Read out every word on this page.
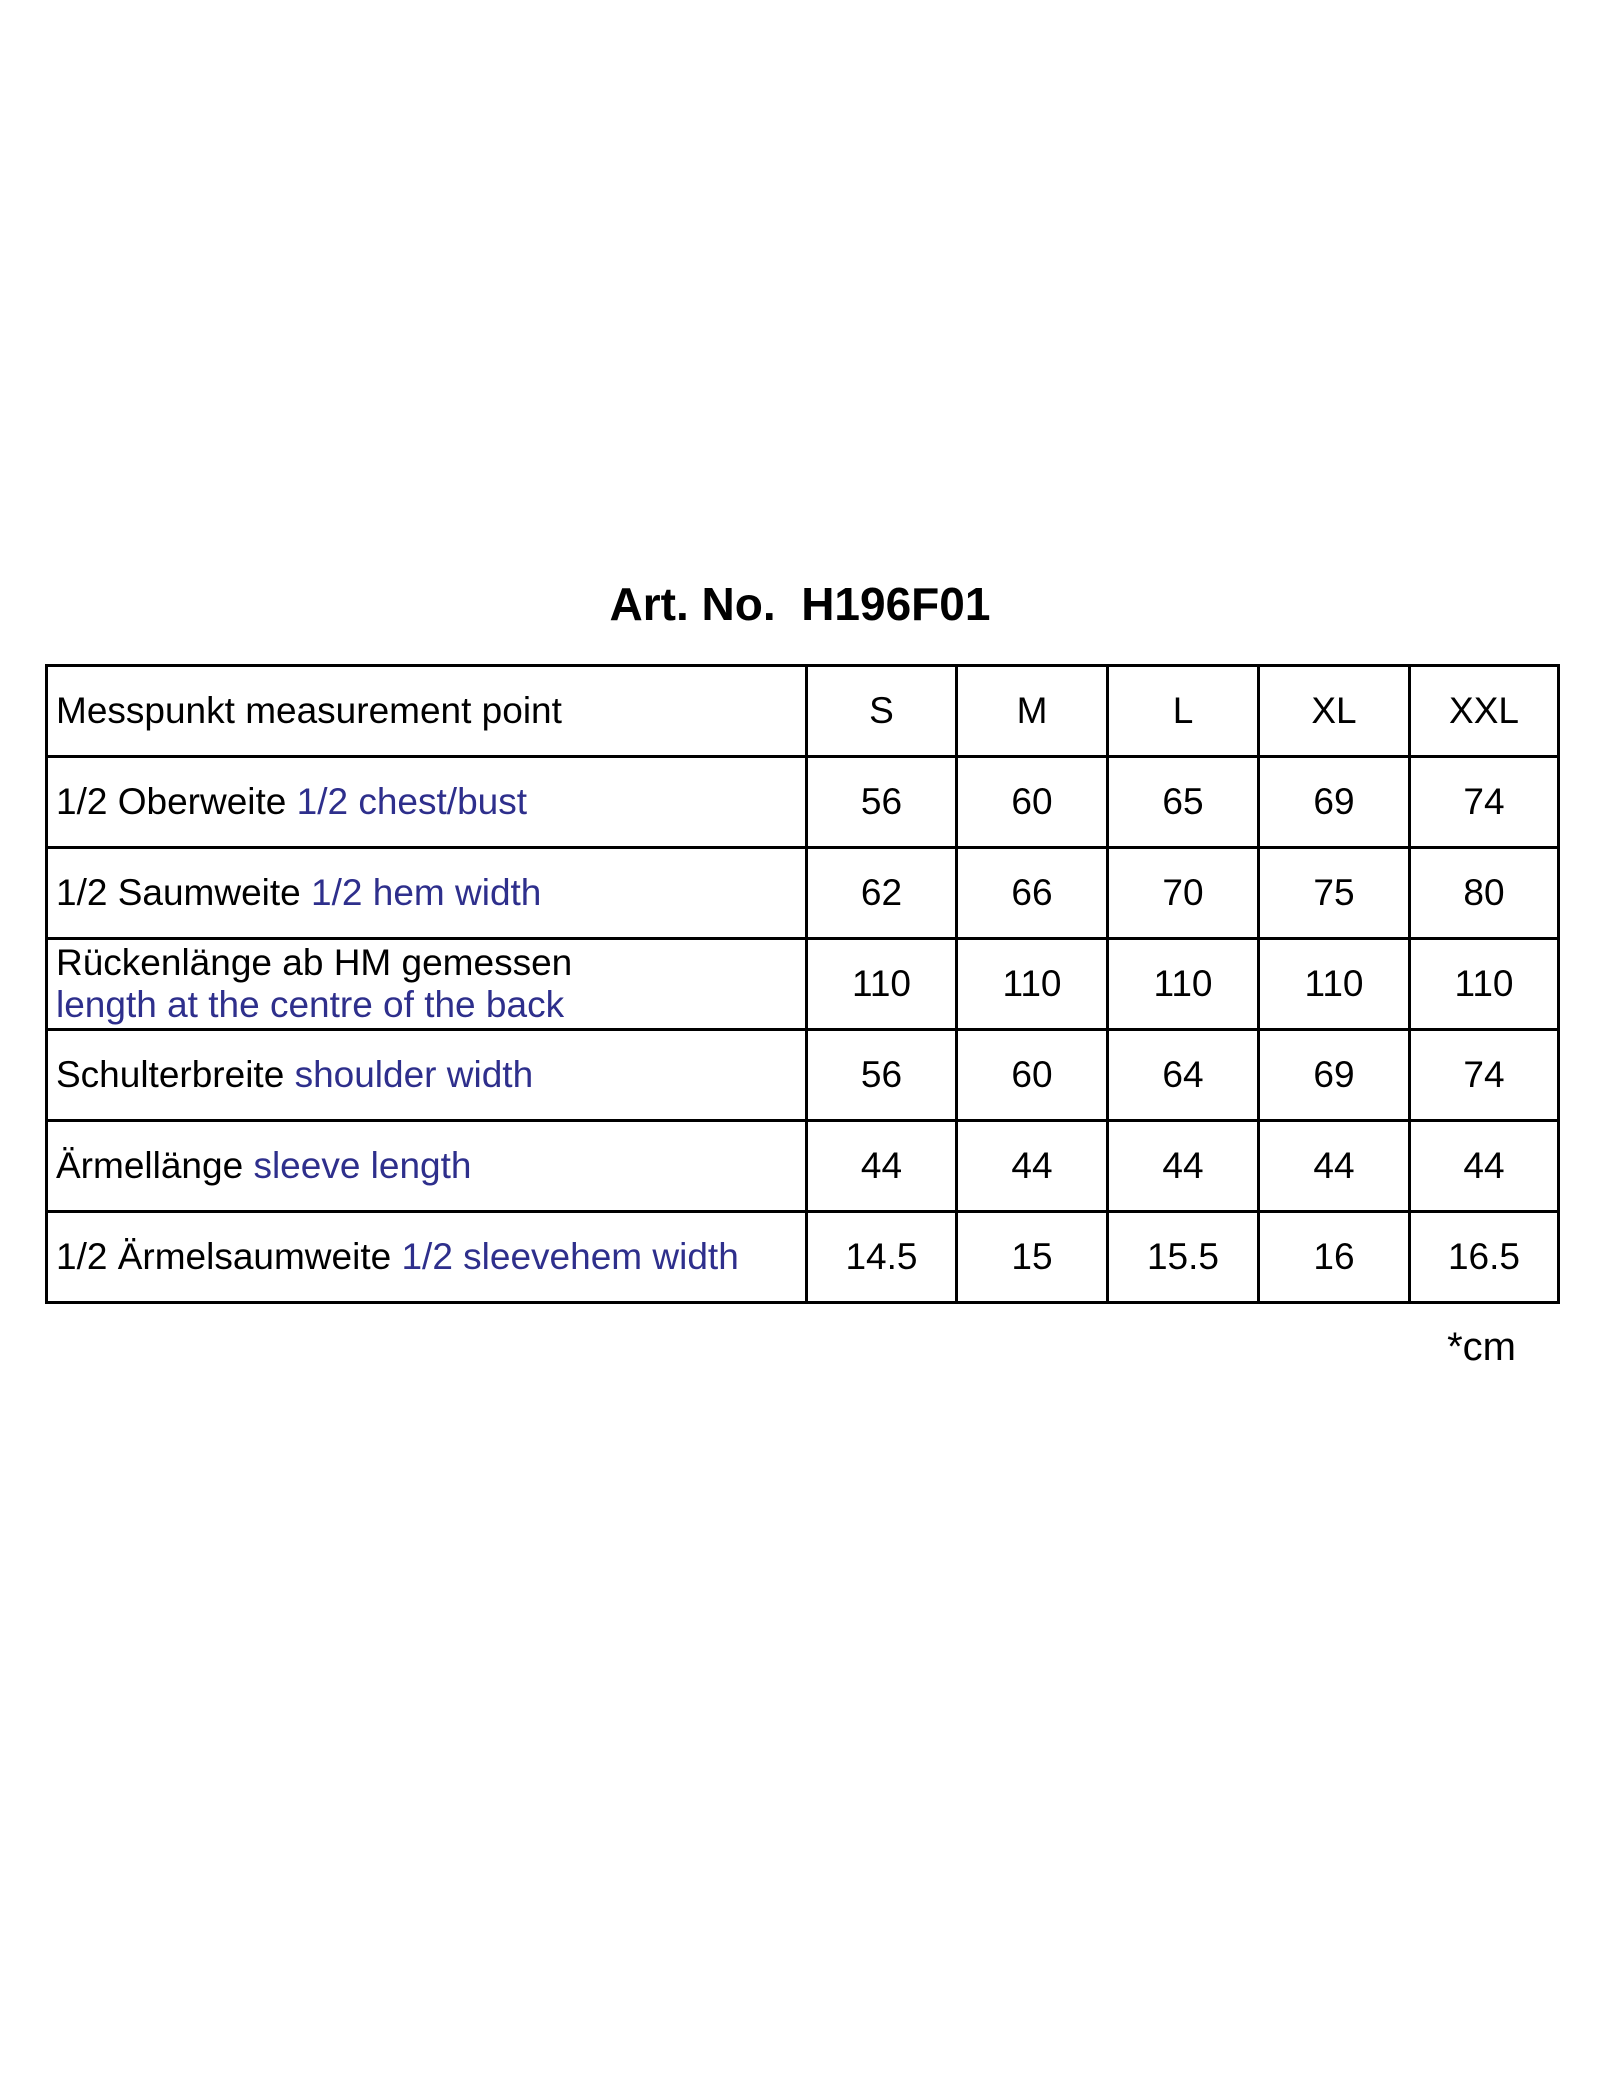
Art. No.  H196F01
Messpunkt measurement point	S	M	L	XL	XXL
1/2 Oberweite 1/2 chest/bust	56	60	65	69	74
1/2 Saumweite 1/2 hem width	62	66	70	75	80

Rückenlänge ab HM gemessen
length at the centre of the back	110	110	110	110	110
Schulterbreite shoulder width	56	60	64	69	74
Ärmellänge sleeve length	44	44	44	44	44
1/2 Ärmelsaumweite 1/2 sleevehem width	14.5	15	15.5	16	16.5
*cm
